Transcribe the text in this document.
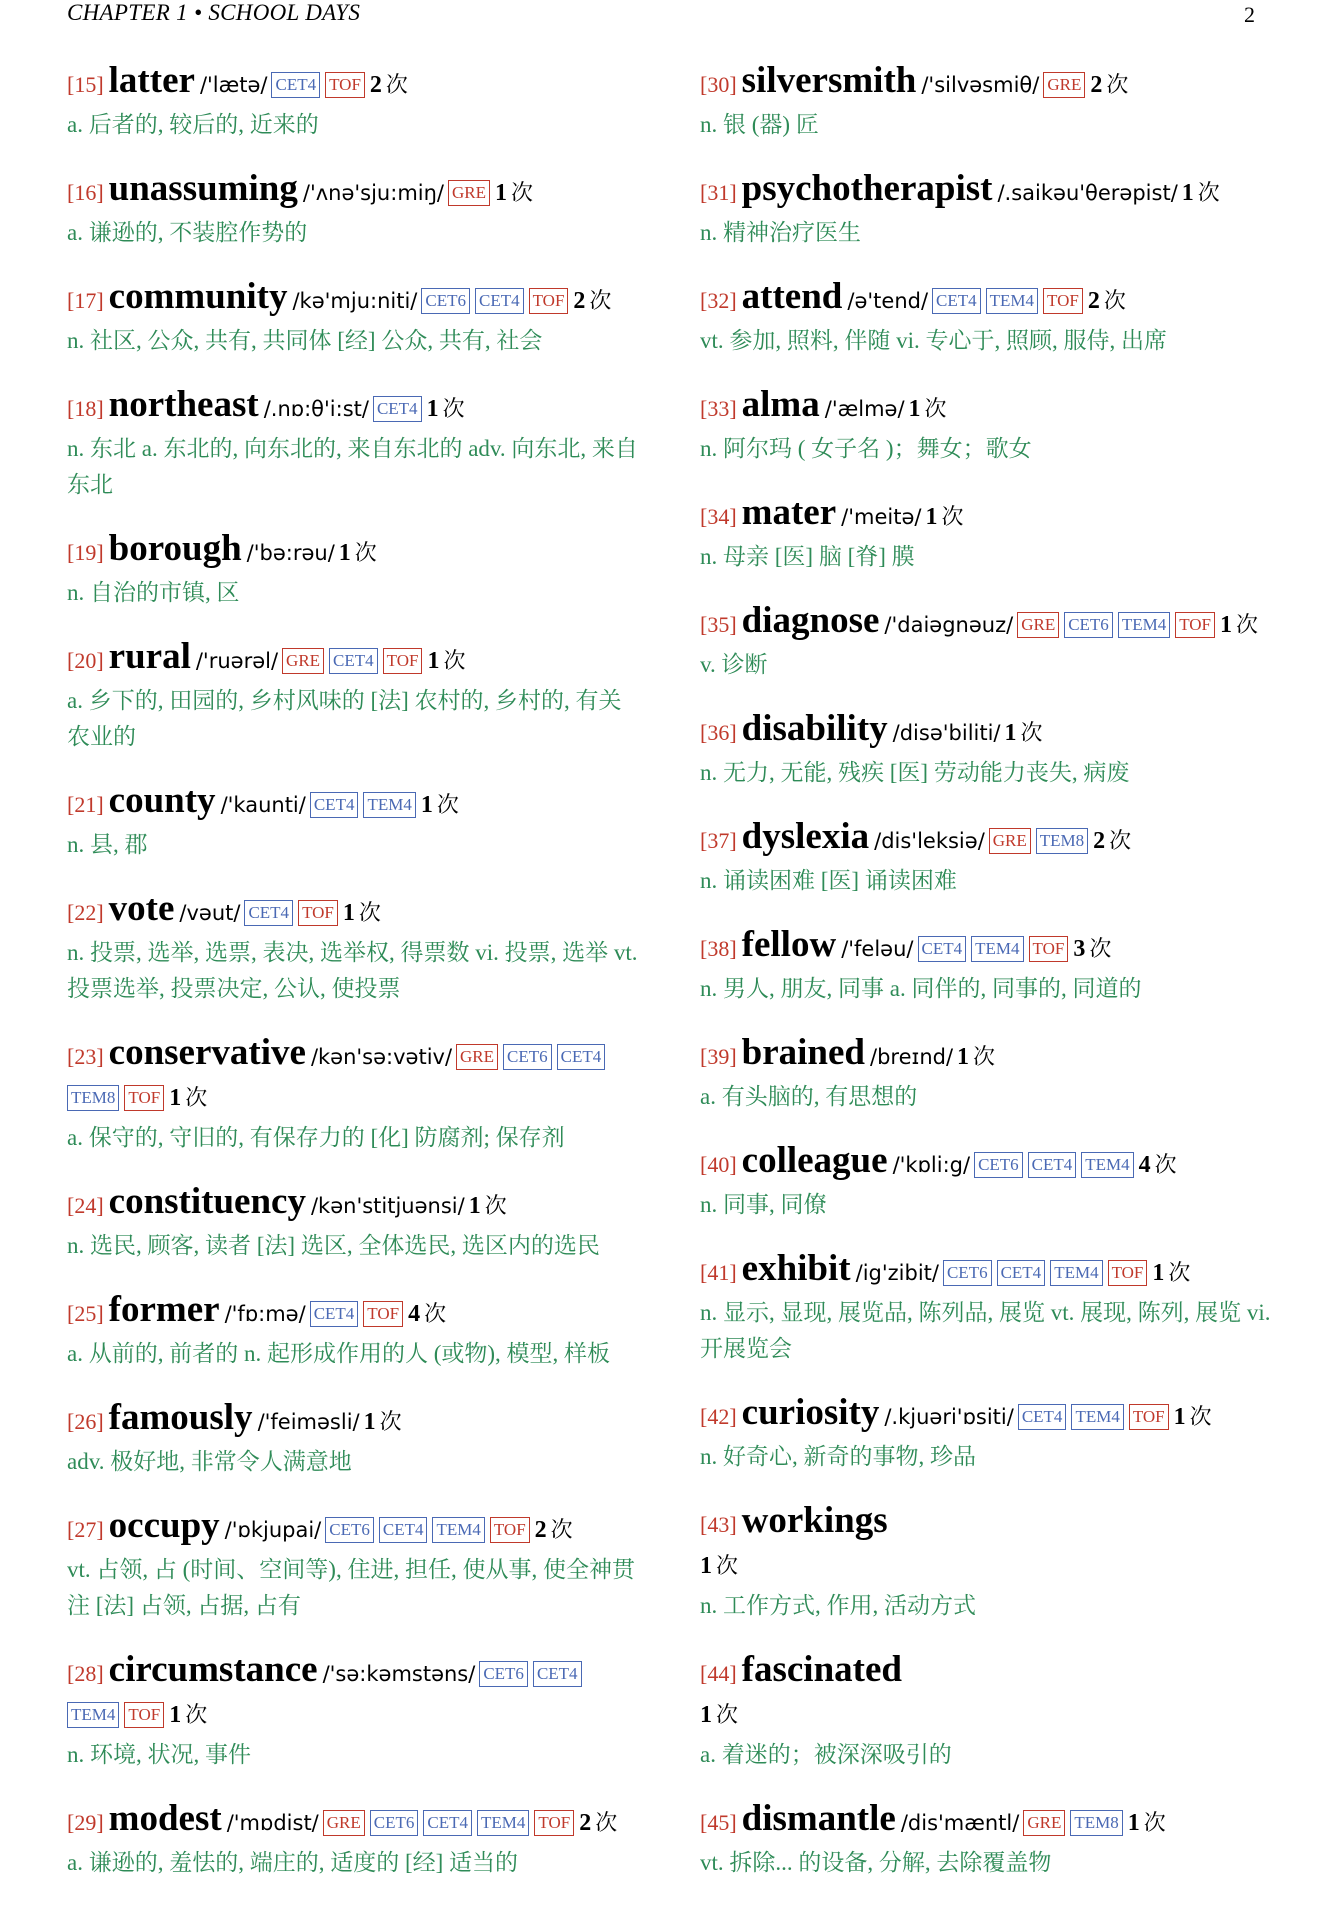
CHAPTER 1 • SCHOOL DAYS	2
[15] latter /'lætə/ CET4 TOF 2 次
a. 后者的, 较后的, 近来的
[16] unassuming /'ʌnə'sju:miŋ/ GRE 1 次
a. 谦逊的, 不装腔作势的
[17] community /kə'mju:niti/ CET6 CET4 TOF 2 次
n. 社区, 公众, 共有, 共同体 [经] 公众, 共有, 社会
[18] northeast /.nɒ:θ'i:st/ CET4 1 次
n. 东北 a. 东北的, 向东北的, 来自东北的 adv. 向东北, 来自东北
[19] borough /'bə:rəu/ 1 次
n. 自治的市镇, 区
[20] rural /'ruərəl/ GRE CET4 TOF 1 次
a. 乡下的, 田园的, 乡村风味的 [法] 农村的, 乡村的, 有关农业的
[21] county /'kaunti/ CET4 TEM4 1 次
n. 县, 郡
[22] vote /vəut/ CET4 TOF 1 次
n. 投票, 选举, 选票, 表决, 选举权, 得票数 vi. 投票, 选举 vt. 投票选举, 投票决定, 公认, 使投票
[23] conservative /kən'sə:vətiv/ GRE CET6 CET4TEM8 TOF 1 次
a. 保守的, 守旧的, 有保存力的 [化] 防腐剂; 保存剂
[24] constituency /kən'stitjuənsi/ 1 次
n. 选民, 顾客, 读者 [法] 选区, 全体选民, 选区内的选民
[25] former /'fɒ:mə/ CET4 TOF 4 次
a. 从前的, 前者的 n. 起形成作用的人 (或物), 模型, 样板
[26] famously /'feiməsli/ 1 次
adv. 极好地, 非常令人满意地
[27] occupy /'ɒkjupai/ CET6 CET4 TEM4 TOF 2 次
vt. 占领, 占 (时间、空间等), 住进, 担任, 使从事, 使全神贯注 [法] 占领, 占据, 占有
[28] circumstance /'sə:kəmstəns/ CET6 CET4TEM4 TOF 1 次
n. 环境, 状况, 事件
[29] modest /'mɒdist/ GRE CET6 CET4 TEM4 TOF 2 次
a. 谦逊的, 羞怯的, 端庄的, 适度的 [经] 适当的
[30] silversmith /'silvəsmiθ/ GRE 2 次
n. 银 (器) 匠
[31] psychotherapist /.saikəu'θerəpist/ 1 次
n. 精神治疗医生
[32] attend /ə'tend/ CET4 TEM4 TOF 2 次
vt. 参加, 照料, 伴随 vi. 专心于, 照顾, 服侍, 出席
[33] alma /'ælmə/ 1 次
n. 阿尔玛 ( 女子名 )；舞女；歌女
[34] mater /'meitə/ 1 次
n. 母亲 [医] 脑 [脊] 膜
[35] diagnose /'daiəgnəuz/ GRE CET6 TEM4 TOF 1 次
v. 诊断
[36] disability /disə'biliti/ 1 次
n. 无力, 无能, 残疾 [医] 劳动能力丧失, 病废
[37] dyslexia /dis'leksiə/ GRE TEM8 2 次
n. 诵读困难 [医] 诵读困难
[38] fellow /'feləu/ CET4 TEM4 TOF 3 次
n. 男人, 朋友, 同事 a. 同伴的, 同事的, 同道的
[39] brained /breɪnd/ 1 次
a. 有头脑的, 有思想的
[40] colleague /'kɒli:g/ CET6 CET4 TEM4 4 次
n. 同事, 同僚
[41] exhibit /ig'zibit/ CET6 CET4 TEM4 TOF 1 次
n. 显示, 显现, 展览品, 陈列品, 展览 vt. 展现, 陈列, 展览 vi. 开展览会
[42] curiosity /.kjuəri'ɒsiti/ CET4 TEM4 TOF 1 次
n. 好奇心, 新奇的事物, 珍品
[43] workings
1 次
n. 工作方式, 作用, 活动方式
[44] fascinated
1 次
a. 着迷的；被深深吸引的
[45] dismantle /dis'mæntl/ GRE TEM8 1 次
vt. 拆除... 的设备, 分解, 去除覆盖物
